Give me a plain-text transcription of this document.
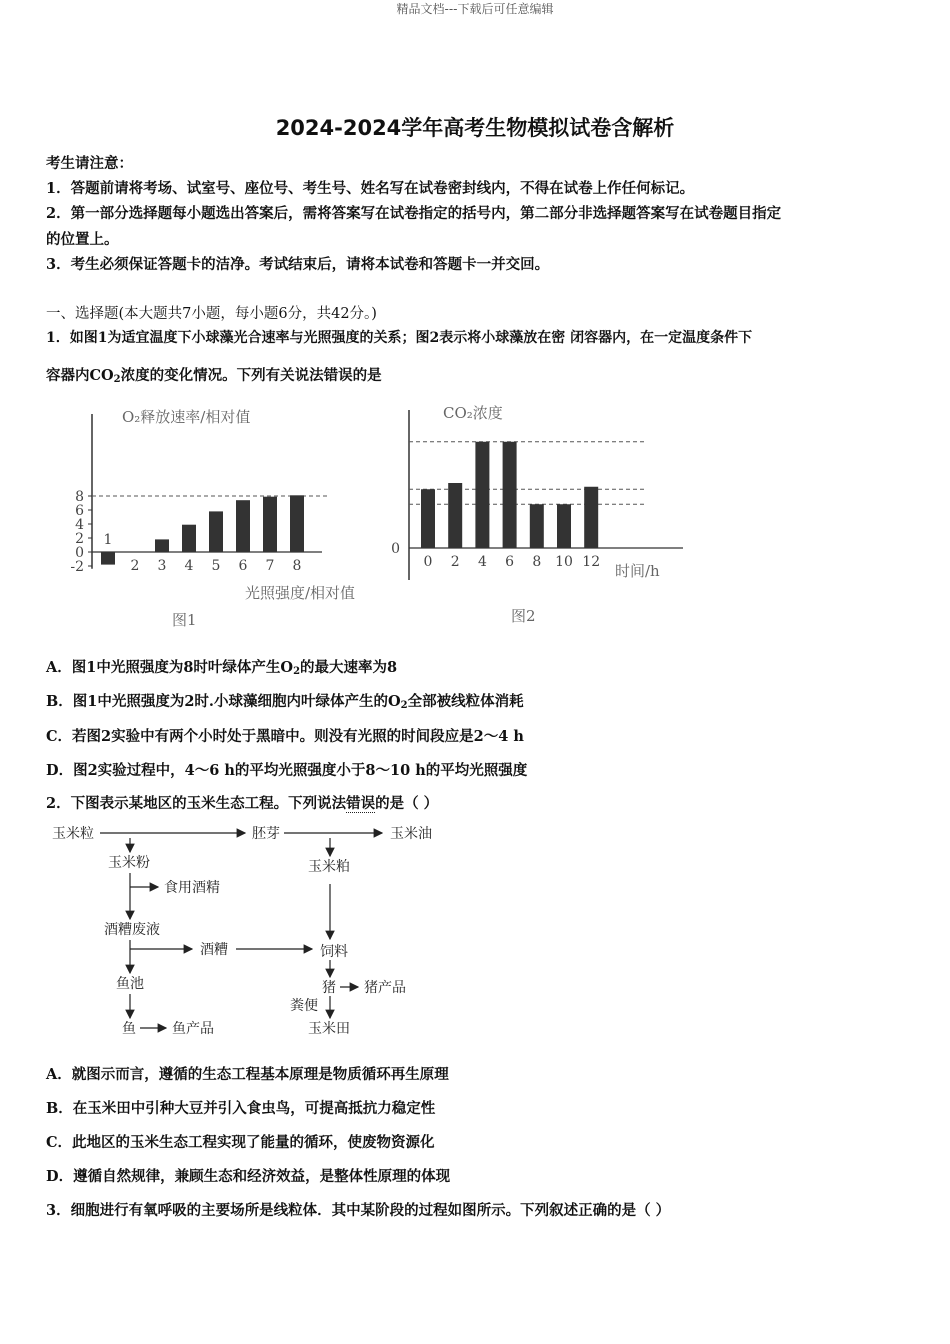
精品文档---下载后可任意编辑
2024-2024学年高考生物模拟试卷含解析
考生请注意：
1．答题前请将考场、试室号、座位号、考生号、姓名写在试卷密封线内，不得在试卷上作任何标记。
2．第一部分选择题每小题选出答案后，需将答案写在试卷指定的括号内，第二部分非选择题答案写在试卷题目指定
的位置上。
3．考生必须保证答题卡的洁净。考试结束后，请将本试卷和答题卡一并交回。
一、选择题(本大题共7小题，每小题6分，共42分。)
1．如图1为适宜温度下小球藻光合速率与光照强度的关系；图2表示将小球藻放在密 闭容器内，在一定温度条件下
容器内$CO_2$浓度的变化情况。下列有关说法错误的是
8
6
4
2
0
-2
1
2 3 4 5 6 7 8
O₂释放速率/相对值
光照强度/相对值
图1
0
0 2 4 6 8 10 12
CO₂浓度
时间/h
图2
A．图1中光照强度为8时叶绿体产生$O_2$的最大速率为8
B．图1中光照强度为2时.小球藻细胞内叶绿体产生的$O_2$全部被线粒体消耗
C．若图2实验中有两个小时处于黑暗中。则没有光照的时间段应是2～4 h
D．图2实验过程中，4～6 h的平均光照强度小于8～10 h的平均光照强度
2．下图表示某地区的玉米生态工程。下列说法错误的是（ ）
玉米粒	胚芽	玉米油
玉米粉	玉米粕
食用酒精
酒糟废液
酒糟	饲料
鱼池	猪 猪产品
粪便
鱼	鱼产品	玉米田
A．就图示而言，遵循的生态工程基本原理是物质循环再生原理
B．在玉米田中引种大豆并引入食虫鸟，可提高抵抗力稳定性
C．此地区的玉米生态工程实现了能量的循环，使废物资源化
D．遵循自然规律，兼顾生态和经济效益，是整体性原理的体现
3．细胞进行有氧呼吸的主要场所是线粒体．其中某阶段的过程如图所示。下列叙述正确的是（ ）
